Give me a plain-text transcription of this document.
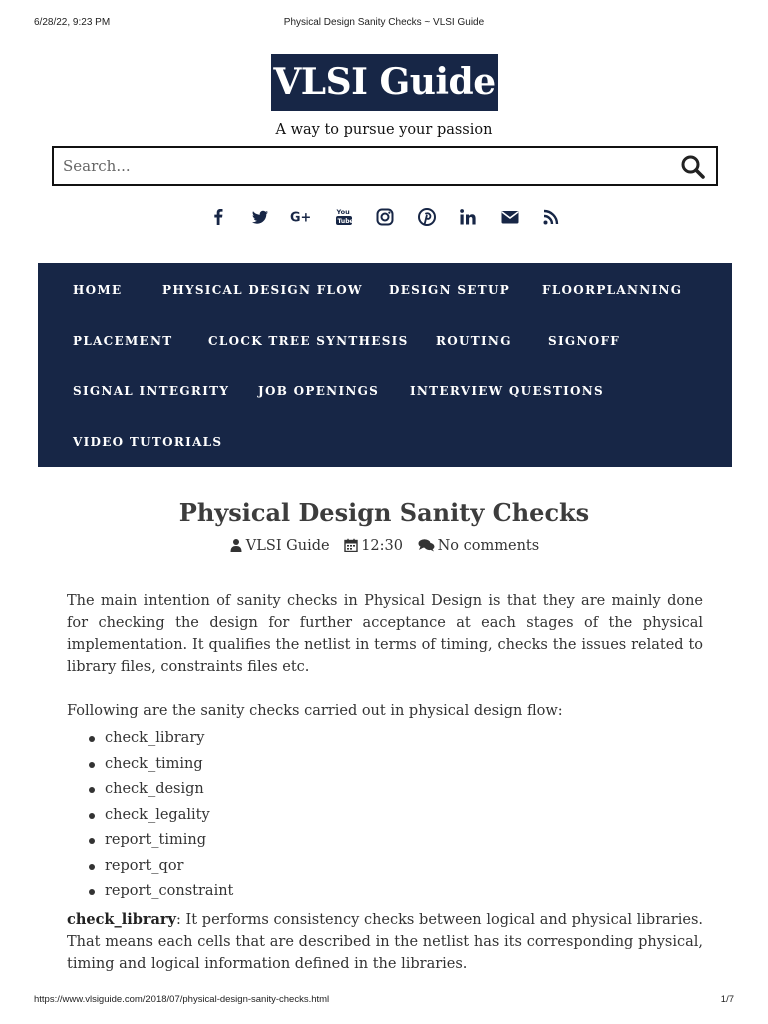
6/28/22, 9:23 PM	Physical Design Sanity Checks ~ VLSI Guide
VLSI Guide
A way to pursue your passion
Search...
G+	You
Tube
HOME	PHYSICAL DESIGN FLOW DESIGN SETUP	FLOORPLANNING
PLACEMENT	CLOCK TREE SYNTHESIS ROUTING	SIGNOFF
SIGNAL INTEGRITY JOB OPENINGS	INTERVIEW QUESTIONS
VIDEO TUTORIALS
Physical Design Sanity Checks
VLSI Guide 12:30 No comments

The main intention of sanity checks in Physical Design is that they are mainly done for checking the design for further acceptance at each stages of the physical implementation. It qualifies the netlist in terms of timing, checks the issues related to library files, constraints files etc.

Following are the sanity checks carried out in physical design flow:

check_library
check_timing
check_design
check_legality
report_timing
report_qor
report_constraint

check_library: It performs consistency checks between logical and physical libraries. That means each cells that are described in the netlist has its corresponding physical, timing and logical information defined in the libraries.

https://www.vlsiguide.com/2018/07/physical-design-sanity-checks.html	1/7
